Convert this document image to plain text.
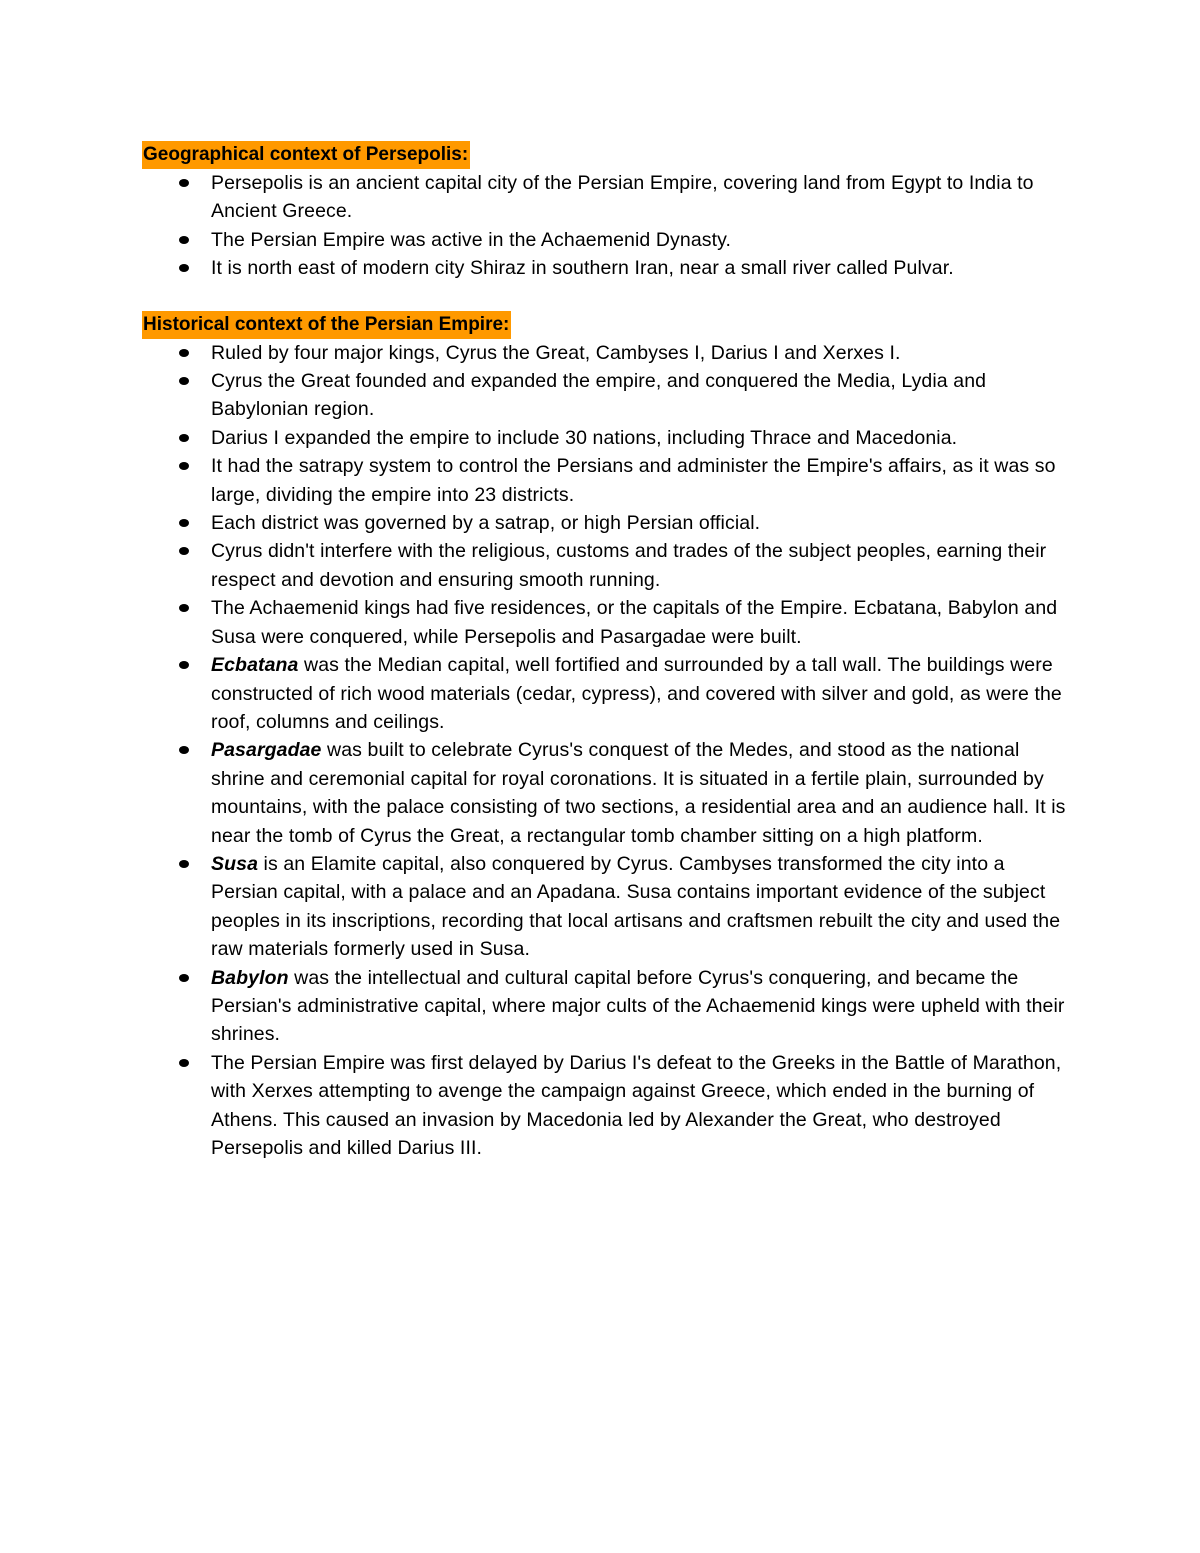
Geographical context of Persepolis:
Persepolis is an ancient capital city of the Persian Empire, covering land from Egypt to India to Ancient Greece.
The Persian Empire was active in the Achaemenid Dynasty.
It is north east of modern city Shiraz in southern Iran, near a small river called Pulvar.
Historical context of the Persian Empire:
Ruled by four major kings, Cyrus the Great, Cambyses I, Darius I and Xerxes I.
Cyrus the Great founded and expanded the empire, and conquered the Media, Lydia and Babylonian region.
Darius I expanded the empire to include 30 nations, including Thrace and Macedonia.
It had the satrapy system to control the Persians and administer the Empire's affairs, as it was so large, dividing the empire into 23 districts.
Each district was governed by a satrap, or high Persian official.
Cyrus didn't interfere with the religious, customs and trades of the subject peoples, earning their respect and devotion and ensuring smooth running.
The Achaemenid kings had five residences, or the capitals of the Empire. Ecbatana, Babylon and Susa were conquered, while Persepolis and Pasargadae were built.
Ecbatana was the Median capital, well fortified and surrounded by a tall wall. The buildings were constructed of rich wood materials (cedar, cypress), and covered with silver and gold, as were the roof, columns and ceilings.
Pasargadae was built to celebrate Cyrus's conquest of the Medes, and stood as the national shrine and ceremonial capital for royal coronations. It is situated in a fertile plain, surrounded by mountains, with the palace consisting of two sections, a residential area and an audience hall. It is near the tomb of Cyrus the Great, a rectangular tomb chamber sitting on a high platform.
Susa is an Elamite capital, also conquered by Cyrus. Cambyses transformed the city into a Persian capital, with a palace and an Apadana. Susa contains important evidence of the subject peoples in its inscriptions, recording that local artisans and craftsmen rebuilt the city and used the raw materials formerly used in Susa.
Babylon was the intellectual and cultural capital before Cyrus's conquering, and became the Persian's administrative capital, where major cults of the Achaemenid kings were upheld with their shrines.
The Persian Empire was first delayed by Darius I's defeat to the Greeks in the Battle of Marathon, with Xerxes attempting to avenge the campaign against Greece, which ended in the burning of Athens. This caused an invasion by Macedonia led by Alexander the Great, who destroyed Persepolis and killed Darius III.
